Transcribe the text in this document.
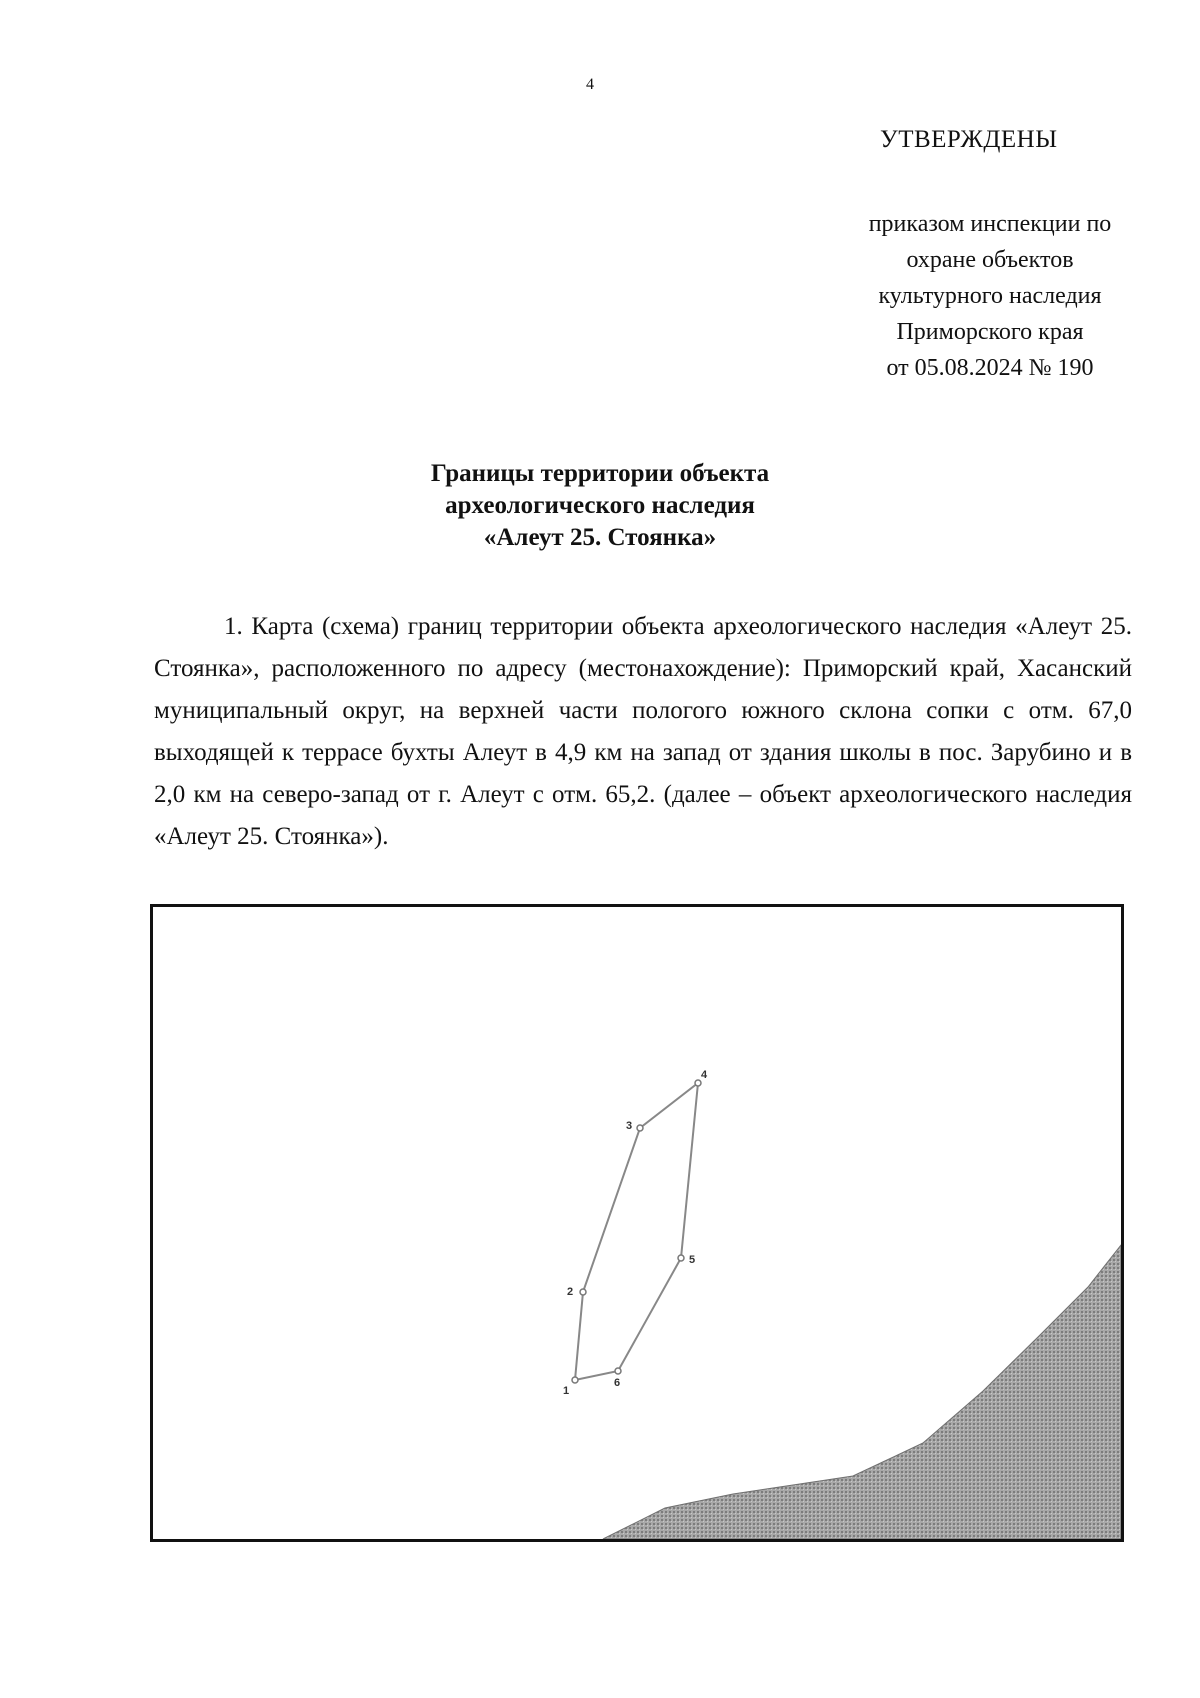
4
УТВЕРЖДЕНЫ
приказом инспекции по
охране объектов
культурного наследия
Приморского края
от 05.08.2024 № 190
Границы территории объекта
археологического наследия
«Алеут 25. Стоянка»

1. Карта (схема) границ территории объекта археологического наследия «Алеут 25. Стоянка», расположенного по адресу (местонахождение): Приморский край, Хасанский муниципальный округ, на верхней части пологого южного склона сопки с отм. 67,0 выходящей к террасе бухты Алеут в 4,9 км на запад от здания школы в пос. Зарубино и в 2,0 км на северо-запад от г. Алеут с отм. 65,2. (далее – объект археологического наследия «Алеут 25. Стоянка»).

1
2
3
4
5
6
